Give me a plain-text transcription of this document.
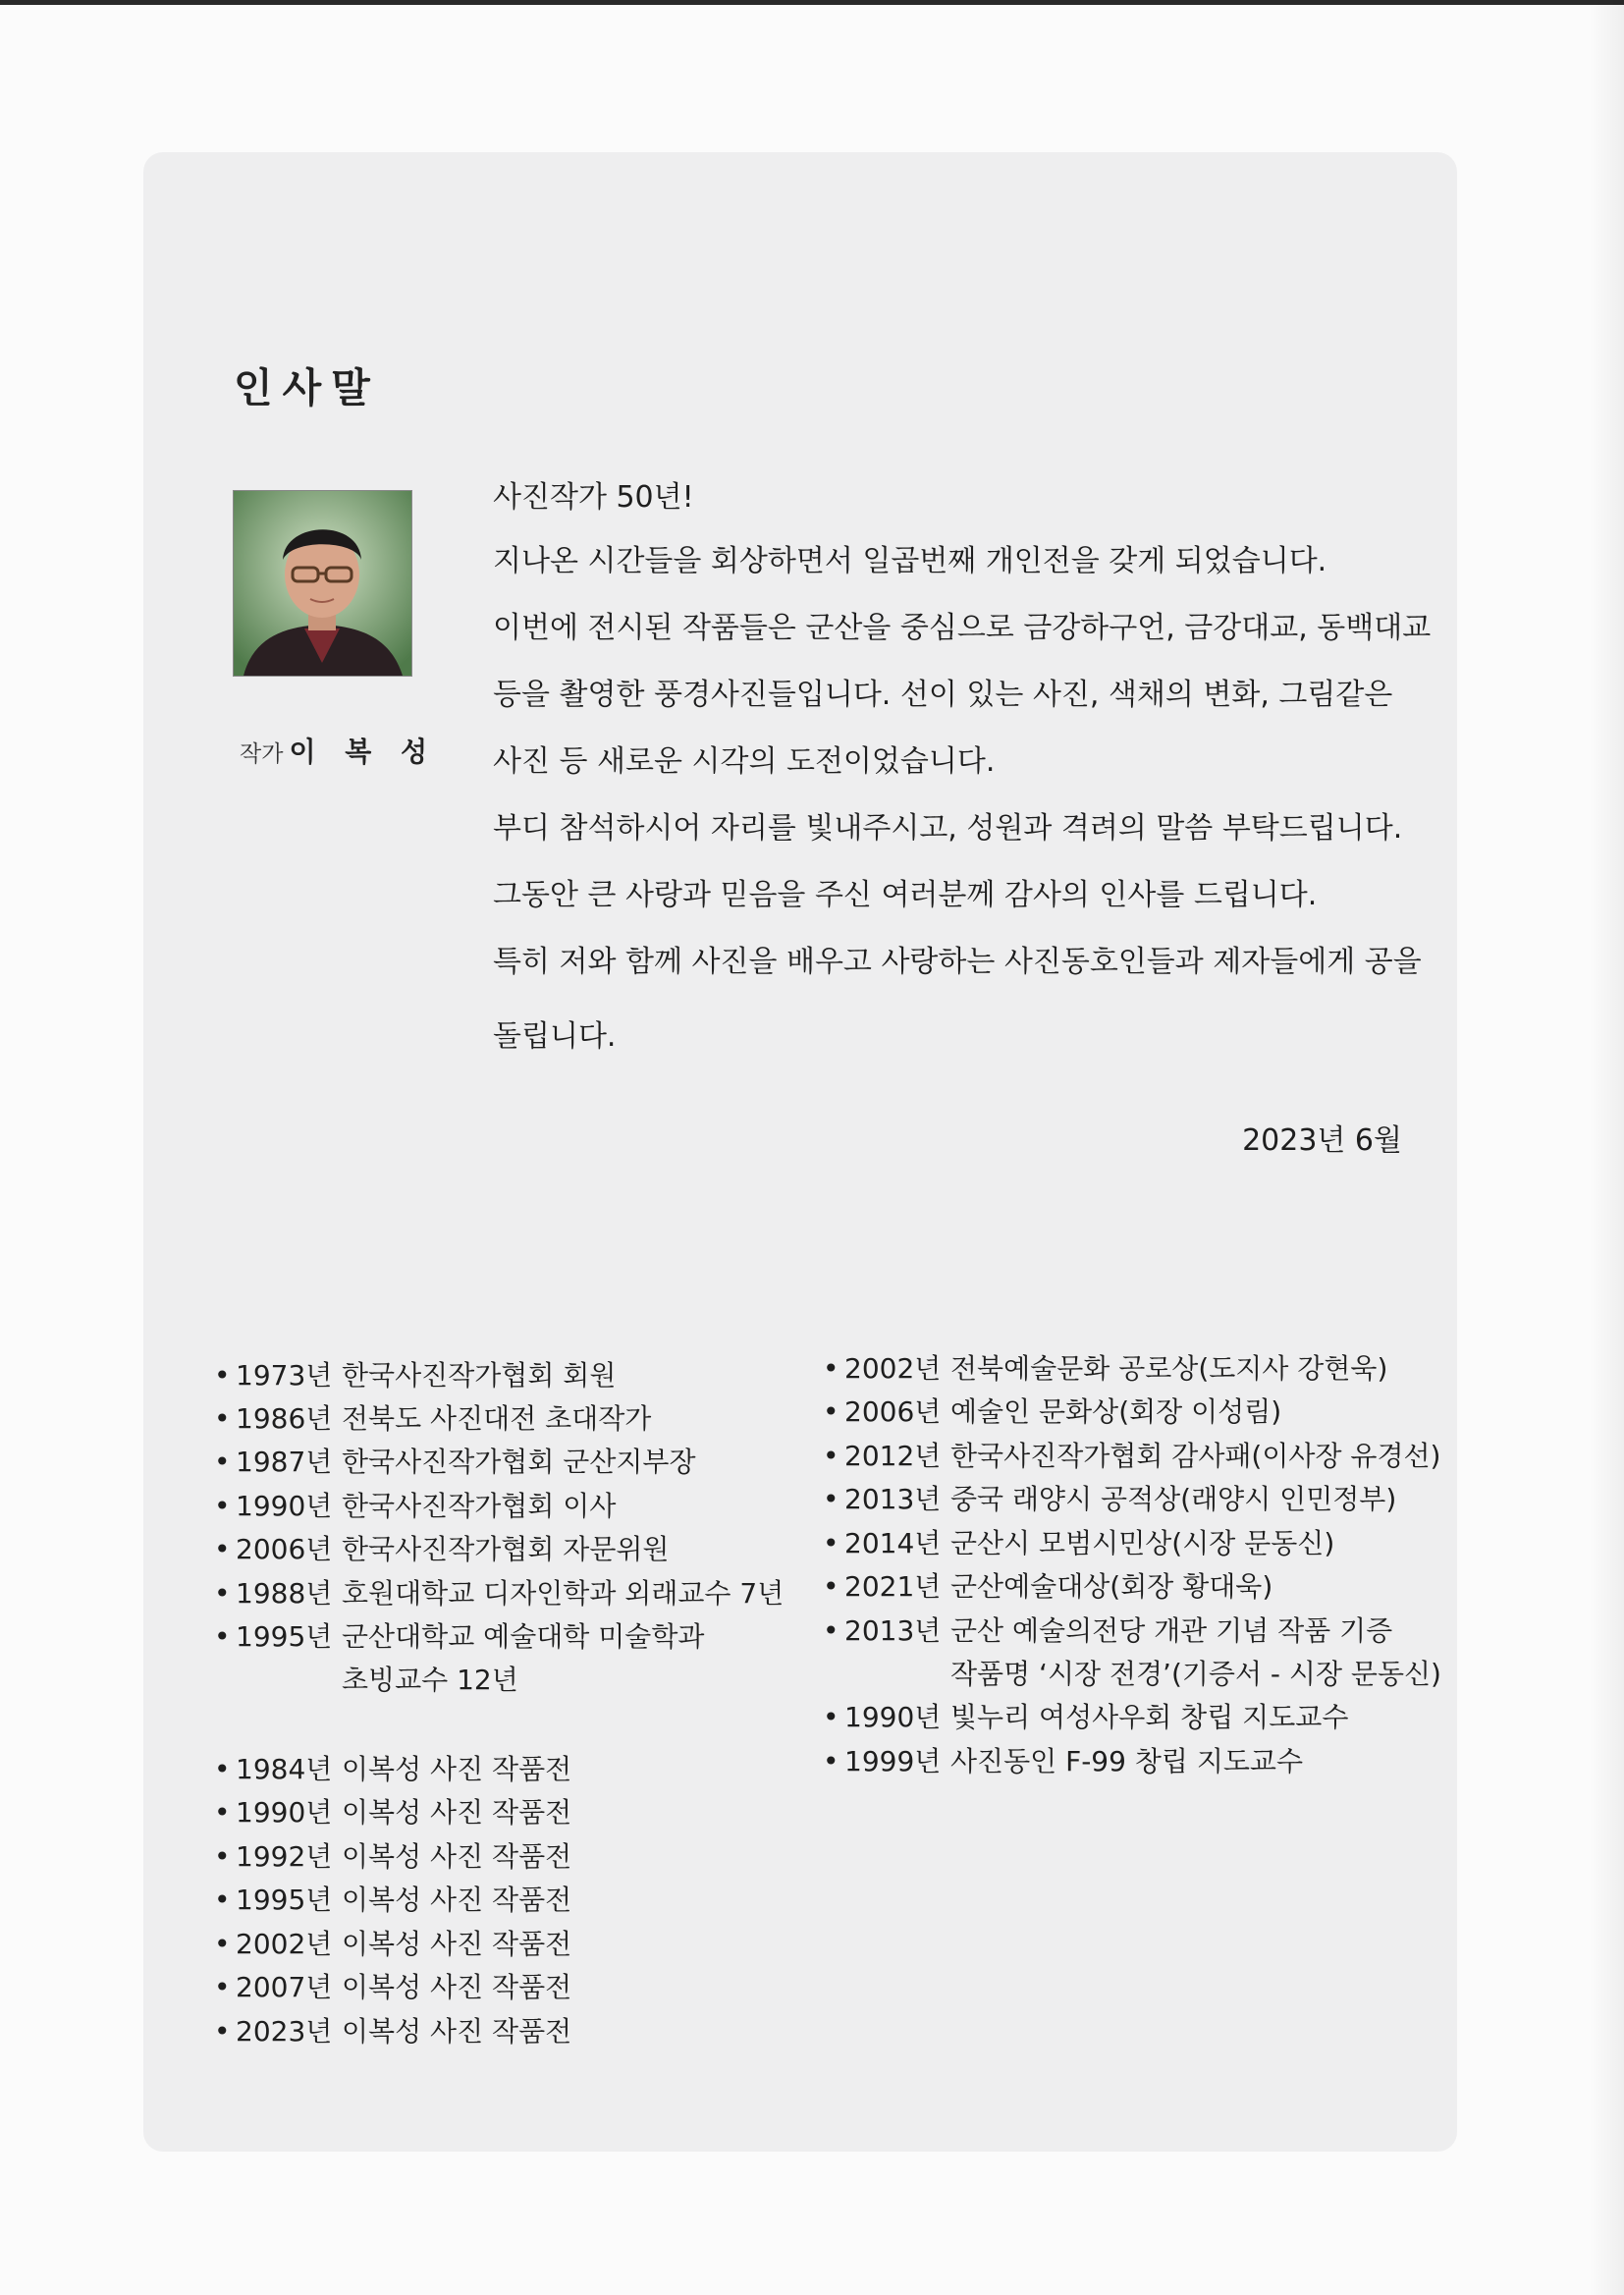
인사말
작가 이 복 성
사진작가 50년!
지나온 시간들을 회상하면서 일곱번째 개인전을 갖게 되었습니다.
이번에 전시된 작품들은 군산을 중심으로 금강하구언, 금강대교, 동백대교
등을 촬영한 풍경사진들입니다. 선이 있는 사진, 색채의 변화, 그림같은
사진 등 새로운 시각의 도전이었습니다.
부디 참석하시어 자리를 빛내주시고, 성원과 격려의 말씀 부탁드립니다.
그동안 큰 사랑과 믿음을 주신 여러분께 감사의 인사를 드립니다.
특히 저와 함께 사진을 배우고 사랑하는 사진동호인들과 제자들에게 공을
돌립니다.
2023년 6월
• 1973년 한국사진작가협회 회원
• 1986년 전북도 사진대전 초대작가
• 1987년 한국사진작가협회 군산지부장
• 1990년 한국사진작가협회 이사
• 2006년 한국사진작가협회 자문위원
• 1988년 호원대학교 디자인학과 외래교수 7년
• 1995년 군산대학교 예술대학 미술학과
초빙교수 12년
• 1984년 이복성 사진 작품전
• 1990년 이복성 사진 작품전
• 1992년 이복성 사진 작품전
• 1995년 이복성 사진 작품전
• 2002년 이복성 사진 작품전
• 2007년 이복성 사진 작품전
• 2023년 이복성 사진 작품전
• 2002년 전북예술문화 공로상(도지사 강현욱)
• 2006년 예술인 문화상(회장 이성림)
• 2012년 한국사진작가협회 감사패(이사장 유경선)
• 2013년 중국 래양시 공적상(래양시 인민정부)
• 2014년 군산시 모범시민상(시장 문동신)
• 2021년 군산예술대상(회장 황대욱)
• 2013년 군산 예술의전당 개관 기념 작품 기증
작품명 ‘시장 전경’(기증서 - 시장 문동신)
• 1990년 빛누리 여성사우회 창립 지도교수
• 1999년 사진동인 F-99 창립 지도교수
